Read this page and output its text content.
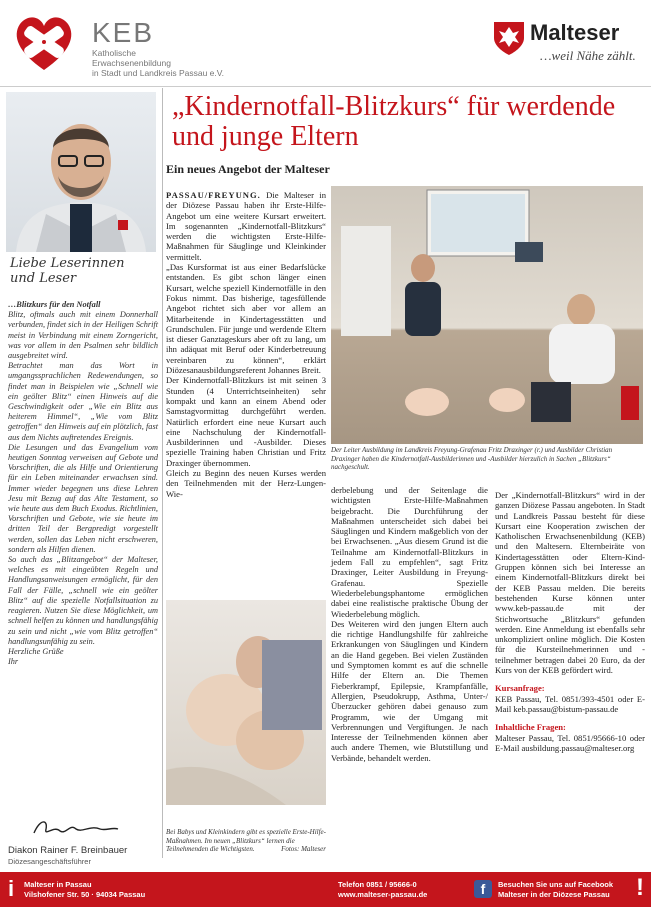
KEB
Katholische
Erwachsenenbildung
in Stadt und Landkreis Passau e.V.
Malteser
…weil Nähe zählt.
Liebe Leserinnen und Leser

…Blitzkurs für den Notfall

Blitz, oftmals auch mit einem Donnerhall verbunden, findet sich in der Heiligen Schrift meist in Verbindung mit einem Zorngericht, was vor allem in den Psalmen sehr bildlich ausgebreitet wird.

Betrachtet man das Wort in umgangssprachlichen Redewendungen, so findet man in Beispielen wie „Schnell wie ein geölter Blitz“ einen Hinweis auf die Geschwindigkeit oder „Wie ein Blitz aus heiterem Himmel“, „Wie vom Blitz getroffen“ den Hinweis auf ein plötzlich, fast aus dem Nichts auftretendes Ereignis.

Die Lesungen und das Evangelium vom heutigen Sonntag verweisen auf Gebote und Vorschriften, die als Hilfe und Orientierung für ein Leben miteinander erwachsen sind. Immer wieder begegnen uns diese Lehren Jesu mit Bezug auf das Alte Testament, so wie heute aus dem Buch Exodus. Richtlinien, Vorschriften und Gebote, wie sie heute im dritten Teil der Bergpredigt vorgestellt werden, sollen das Leben nicht erschweren, sondern als Hilfen dienen.

So auch das „Blitzangebot“ der Malteser, welches es mit eingeübten Regeln und Handlungsanweisungen ermöglicht, für den Fall der Fälle, „schnell wie ein geölter Blitz“ auf die spezielle Notfallsituation zu reagieren. Nutzen Sie diese Möglichkeit, um schnell helfen zu können und handlungsfähig zu sein und nicht „wie vom Blitz getroffen“ handlungsunfähig zu sein.

Herzliche Grüße

Ihr

Diakon Rainer F. Breinbauer
Diözesangeschäftsführer
„Kindernotfall-Blitzkurs“ für werdende und junge Eltern
Ein neues Angebot der Malteser

PASSAU/FREYUNG. Die Malteser in der Diözese Passau haben ihr Erste-Hilfe-Angebot um eine weitere Kursart erweitert. Im sogenannten „Kindernotfall-Blitzkurs“ werden die wichtigsten Erste-Hilfe-Maßnahmen für Säuglinge und Kleinkinder vermittelt.

„Das Kursformat ist aus einer Bedarfslücke entstanden. Es gibt schon länger einen Kursart, welche speziell Kindernotfälle in den Fokus nimmt. Das bisherige, tagesfüllende Angebot richtet sich aber vor allem an Mitarbeitende in Kindertagesstätten und Grundschulen. Für junge und werdende Eltern ist dieser Ganztageskurs aber oft zu lang, um ihn adäquat mit Beruf oder Kinderbetreuung vereinbaren zu können“, erklärt Diözesanausbildungsreferent Johannes Breit.

Der Kindernotfall-Blitzkurs ist mit seinen 3 Stunden (4 Unterrichtseinheiten) sehr kompakt und kann an einem Abend oder Samstagvormittag durchgeführt werden. Natürlich erfordert eine neue Kursart auch eine Nachschulung der Kindernotfall-Ausbilderinnen und -Ausbilder. Dieses spezielle Training haben Christian und Fritz Draxinger übernommen.

Gleich zu Beginn des neuen Kurses werden den Teilnehmenden mit der Herz-Lungen-Wie-

Der Leiter Ausbildung im Landkreis Freyung-Grafenau Fritz Draxinger (r.) und Ausbilder Christian Draxinger haben die Kindernotfall-Ausbilderinnen und -Ausbilder hierzulich in Sachen „Blitzkurs“ nachgeschult.

derbelebung und der Seitenlage die wichtigsten Erste-Hilfe-Maßnahmen beigebracht. Die Durchführung der Maßnahmen unterscheidet sich dabei bei Säuglingen und Kindern maßgeblich von der bei Erwachsenen. „Aus diesem Grund ist die Teilnahme am Kindernotfall-Blitzkurs in jedem Fall zu empfehlen“, sagt Fritz Draxinger, Leiter Ausbildung in Freyung-Grafenau. Spezielle Wiederbelebungsphantome ermöglichen dabei eine realistische praktische Übung der Wiederbelebung möglich.

Des Weiteren wird den jungen Eltern auch die richtige Handlungshilfe für zahlreiche Erkrankungen von Säuglingen und Kindern an die Hand gegeben. Bei vielen Zuständen und Symptomen kommt es auf die schnelle Hilfe der Eltern an. Die Themen Fieberkrampf, Epilepsie, Krampfanfälle, Allergien, Pseudokrupp, Asthma, Unter-/Überzucker gehören dabei genauso zum Programm, wie der Umgang mit Verbrennungen und Vergiftungen. Je nach Interesse der Teilnehmenden können aber auch andere Themen, wie Blutstillung und Verbände, behandelt werden.

Der „Kindernotfall-Blitzkurs“ wird in der ganzen Diözese Passau angeboten. In Stadt und Landkreis Passau besteht für diese Kursart eine Kooperation zwischen der Katholischen Erwachsenenbildung (KEB) und den Maltesern. Elternbeiräte von Kindertagesstätten oder Eltern-Kind-Gruppen können sich bei Interesse an einem Kindernotfall-Blitzkurs direkt bei der KEB Passau melden. Die bereits bestehenden Kurse können unter www.keb-passau.de mit der Stichwortsuche „Blitzkurs“ gefunden werden. Eine Anmeldung ist ebenfalls sehr unkompliziert online möglich. Die Kosten für die Kursteilnehmerinnen und -teilnehmer betragen dabei 20 Euro, da der Kurs von der KEB gefördert wird.

Kursanfrage:

KEB Passau, Tel. 0851/393-4501 oder E-Mail keb.passau@bistum-passau.de

Inhaltliche Fragen:

Malteser Passau, Tel. 0851/95666-10 oder E-Mail ausbildung.passau@malteser.org

Bei Babys und Kleinkindern gibt es spezielle Erste-Hilfe-Maßnahmen. Im neuen „Blitzkurs“ lernen die Teilnehmenden die Wichtigsten.	Fotos: Malteser
i Malteser in Passau
Vilshofener Str. 50 · 94034 Passau
Telefon 0851 / 95666-0
www.malteser-passau.de	f	Besuchen Sie uns auf Facebook
Malteser in der Diözese Passau !
